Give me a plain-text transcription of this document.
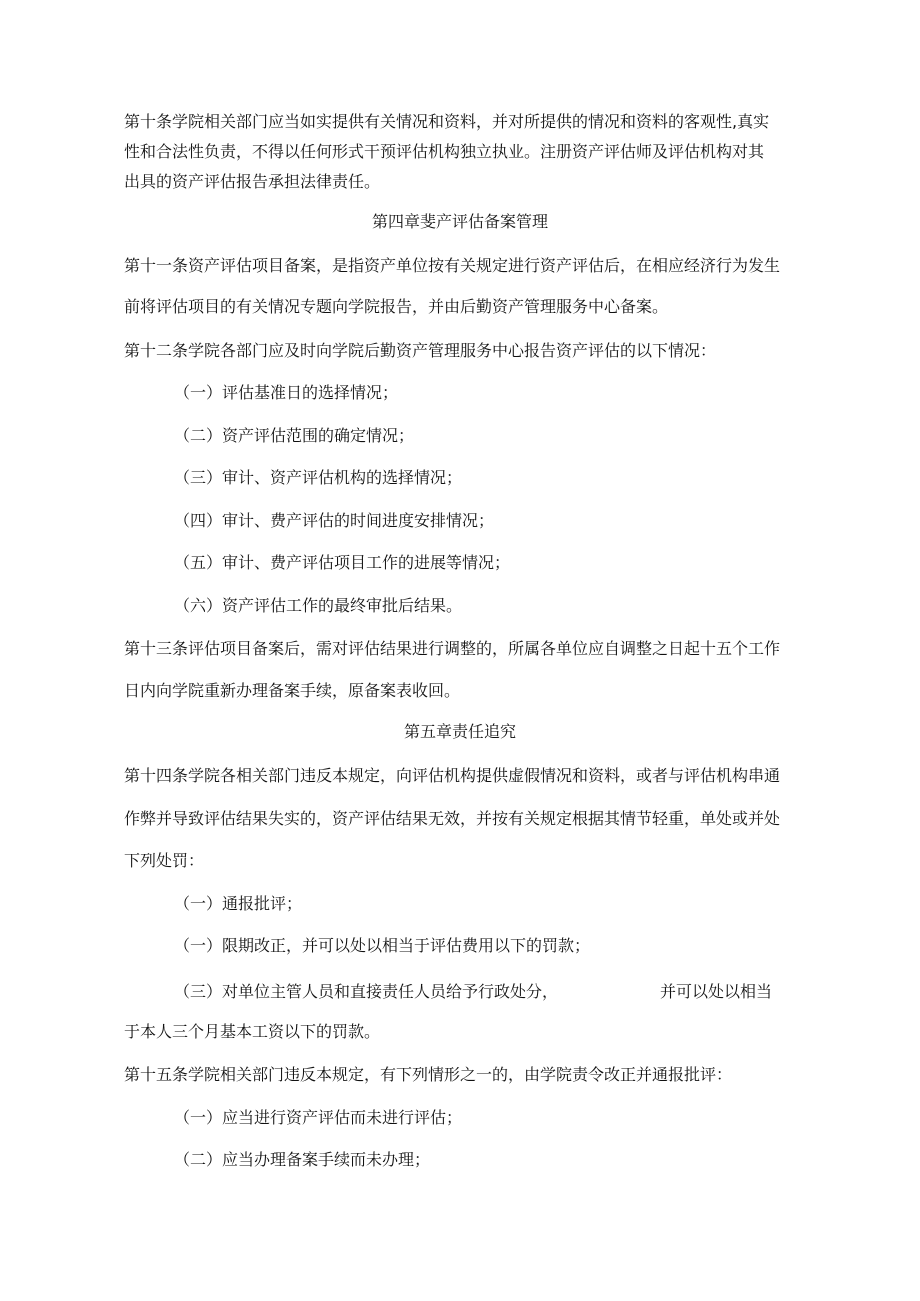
第十条学院相关部门应当如实提供有关情况和资料，并对所提供的情况和资料的客观性,真实
性和合法性负责，不得以任何形式干预评估机构独立执业。注册资产评估师及评估机构对其
出具的资产评估报告承担法律责任。
第四章斐产评估备案管理
第十一条资产评估项目备案，是指资产单位按有关规定进行资产评估后，在相应经济行为发生
前将评估项目的有关情况专题向学院报告，并由后勤资产管理服务中心备案。
第十二条学院各部门应及时向学院后勤资产管理服务中心报告资产评估的以下情况：
（一）评估基准日的选择情况；
（二）资产评估范围的确定情况；
（三）审计、资产评估机构的选择情况；
（四）审计、费产评估的时间进度安排情况；
（五）审计、费产评估项目工作的进展等情况；
（六）资产评估工作的最终审批后结果。
第十三条评估项目备案后，需对评估结果进行调整的，所属各单位应自调整之日起十五个工作
日内向学院重新办理备案手续，原备案表收回。
第五章责任追究
第十四条学院各相关部门违反本规定，向评估机构提供虚假情况和资料，或者与评估机构串通
作弊并导致评估结果失实的，资产评估结果无效，并按有关规定根据其情节轻重，单处或并处
下列处罚：
（一）通报批评；
（一）限期改正，并可以处以相当于评估费用以下的罚款；
（三）对单位主管人员和直接责任人员给予行政处分，	并可以处以相当
于本人三个月基本工资以下的罚款。
第十五条学院相关部门违反本规定，有下列情形之一的，由学院责令改正并通报批评：
（一）应当进行资产评估而未进行评估；
（二）应当办理备案手续而未办理；
